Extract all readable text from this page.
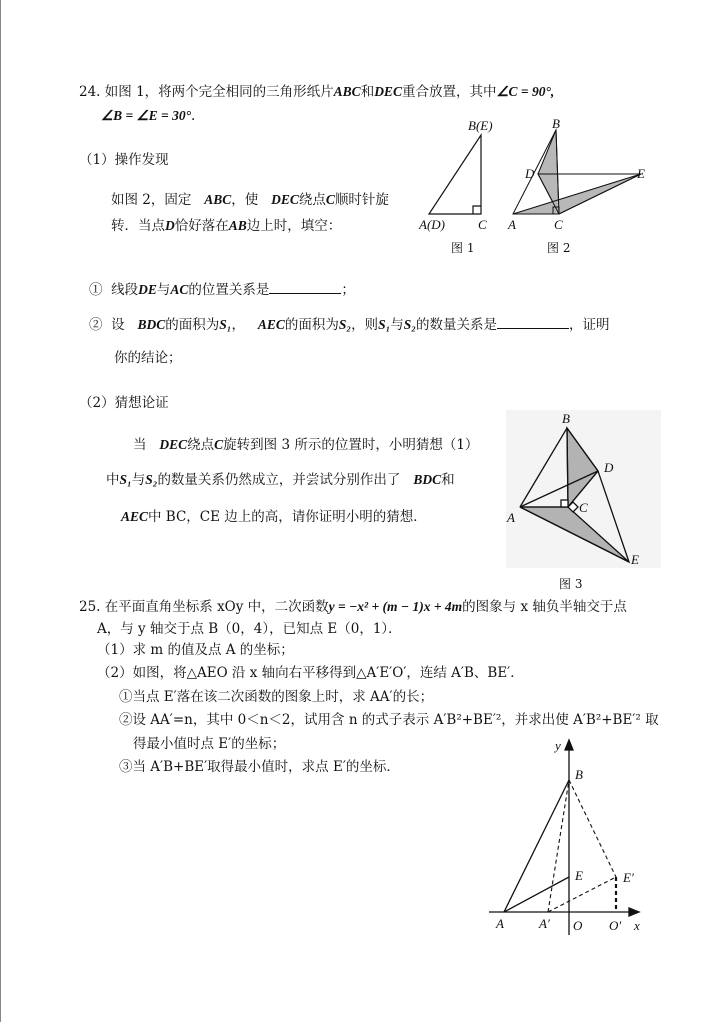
24. 如图 1，将两个完全相同的三角形纸片ABC和DEC重合放置，其中∠C = 90°,
∠B = ∠E = 30°.
（1）操作发现
如图 2，固定 ABC，使 DEC绕点C顺时针旋
转．当点D恰好落在AB边上时，填空：
① 线段DE与AC的位置关系是	；
② 设 BDC的面积为S₁， AEC的面积为S₂，则S₁与S₂的数量关系是	，证明
你的结论；
（2）猜想论证
当 DEC绕点C旋转到图 3 所示的位置时，小明猜想（1）
中S₁与S₂的数量关系仍然成立，并尝试分别作出了 BDC和
AEC中 BC，CE 边上的高，请你证明小明的猜想．
25. 在平面直角坐标系 xOy 中，二次函数y = −x² + (m − 1)x + 4m的图象与 x 轴负半轴交于点
A，与 y 轴交于点 B（0，4），已知点 E（0，1）．
（1）求 m 的值及点 A 的坐标；
（2）如图，将△AEO 沿 x 轴向右平移得到△A′E′O′，连结 A′B、BE′．
①当点 E′落在该二次函数的图象上时，求 AA′的长；
②设 AA′=n，其中 0＜n＜2，试用含 n 的式子表示 A′B²+BE′²，并求出使 A′B²+BE′² 取
得最小值时点 E′的坐标；
③当 A′B+BE′取得最小值时，求点 E′的坐标．
B(E)
A(D)	C
图 1
B
D	E
A	C
图 2
B
D
A
C
E
图 3
y
B
E	E′
A	A′ O O′ x
